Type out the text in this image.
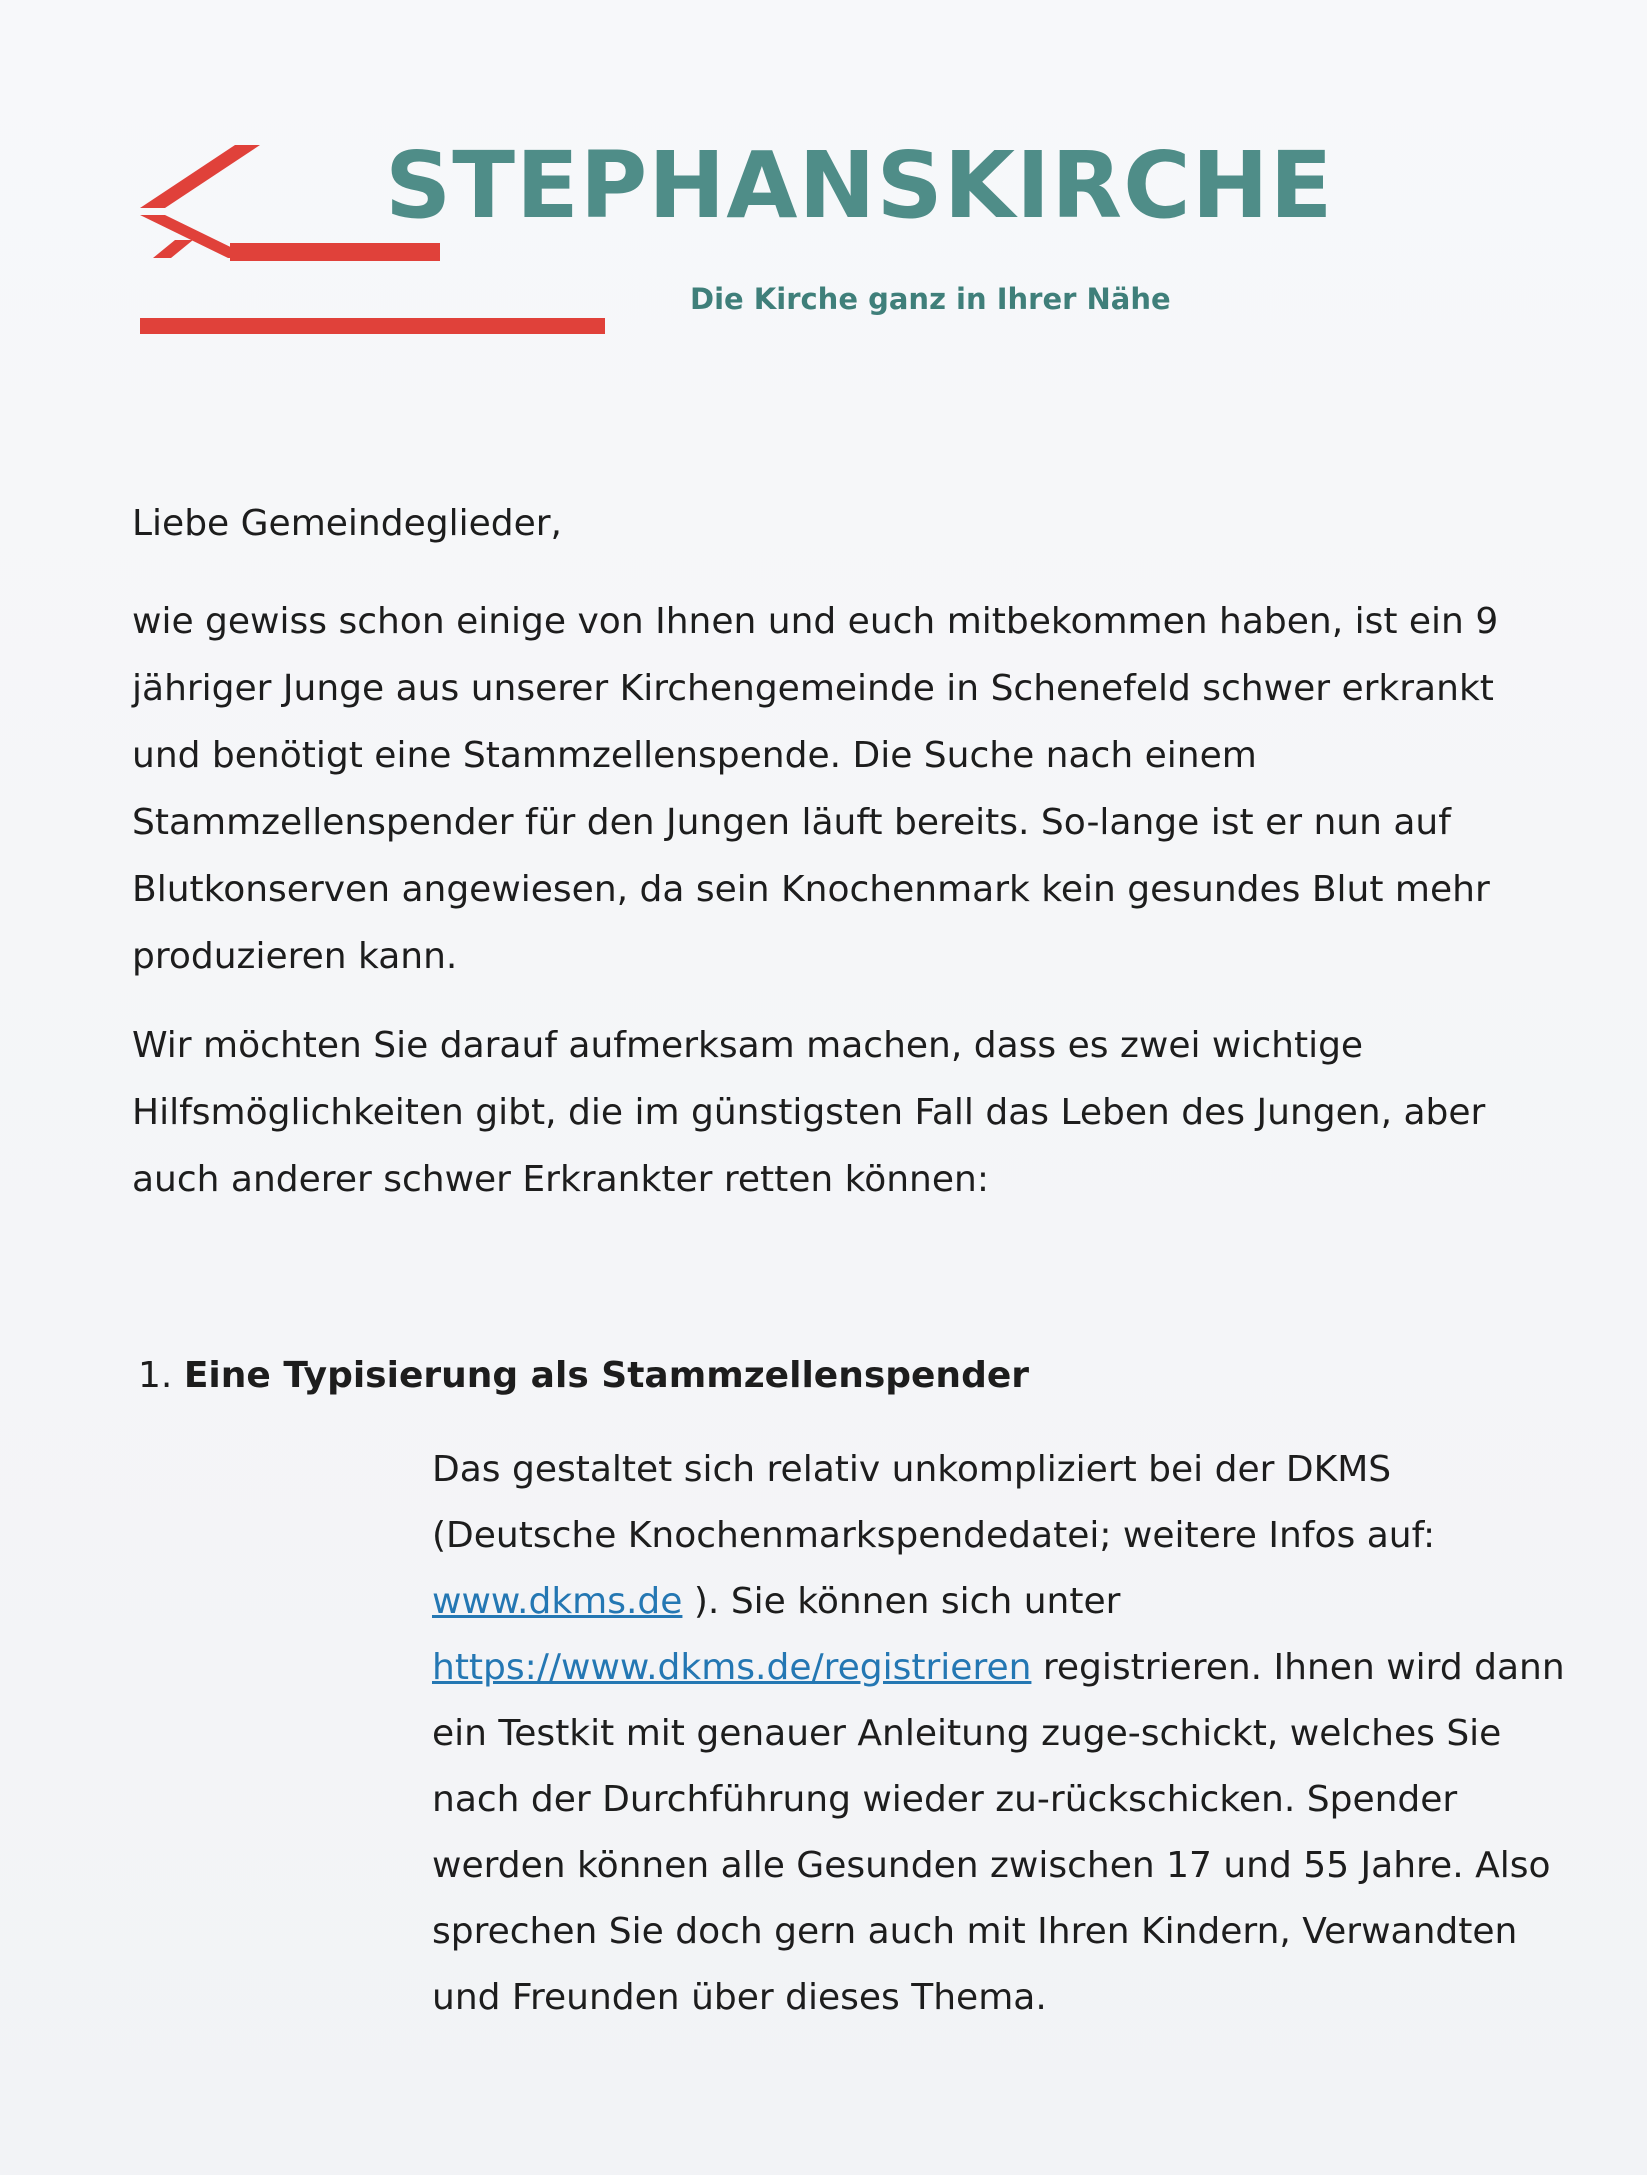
STEPHANSKIRCHE
Die Kirche ganz in Ihrer Nähe

Liebe Gemeindeglieder,

wie gewiss schon einige von Ihnen und euch mitbekommen haben, ist ein 9 jähriger Junge aus unserer Kirchengemeinde in Schenefeld schwer erkrankt und benötigt eine Stammzellenspende. Die Suche nach einem Stammzellenspender für den Jungen läuft bereits. So-lange ist er nun auf Blutkonserven angewiesen, da sein Knochenmark kein gesundes Blut mehr produzieren kann.

Wir möchten Sie darauf aufmerksam machen, dass es zwei wichtige Hilfsmöglichkeiten gibt, die im günstigsten Fall das Leben des Jungen, aber auch anderer schwer Erkrankter retten können:

1. Eine Typisierung als Stammzellenspender

Das gestaltet sich relativ unkompliziert bei der DKMS (Deutsche Knochenmarkspendedatei; weitere Infos auf: www.dkms.de ). Sie können sich unter https://www.dkms.de/registrieren registrieren. Ihnen wird dann ein Testkit mit genauer Anleitung zuge-schickt, welches Sie nach der Durchführung wieder zu-rückschicken. Spender werden können alle Gesunden zwischen 17 und 55 Jahre. Also sprechen Sie doch gern auch mit Ihren Kindern, Verwandten und Freunden über dieses Thema.
